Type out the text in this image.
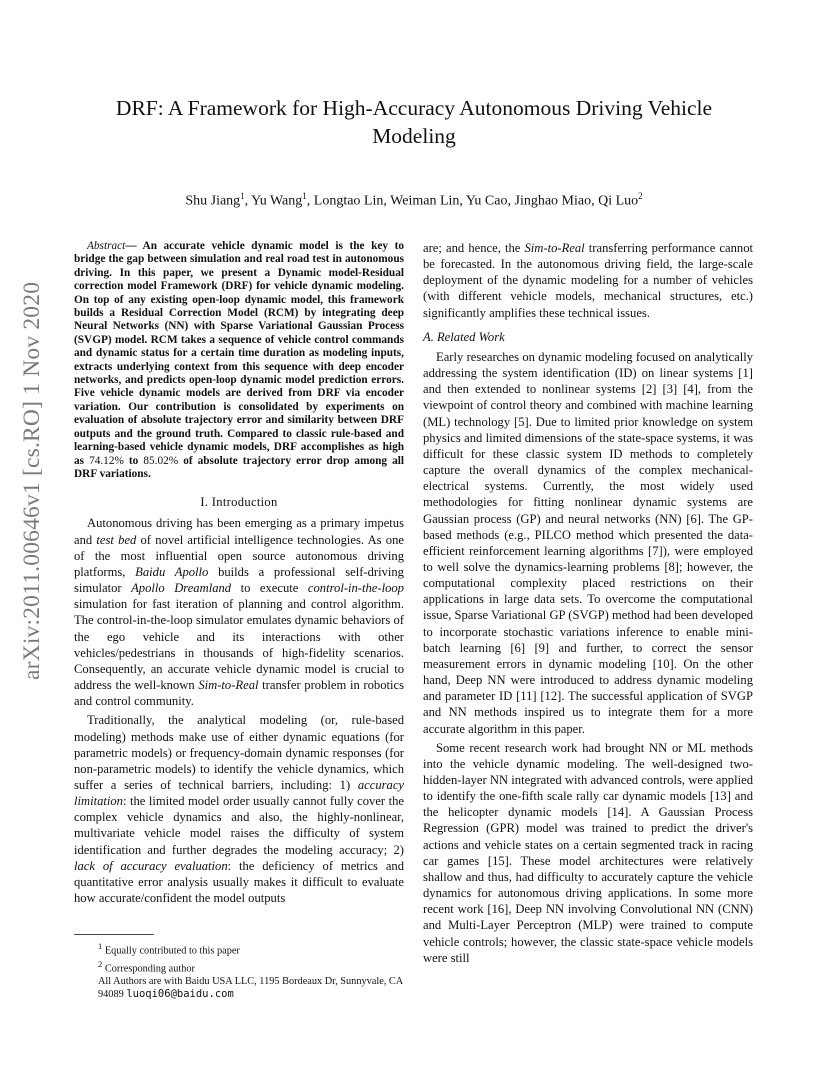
arXiv:2011.00646v1 [cs.RO] 1 Nov 2020
DRF: A Framework for High-Accuracy Autonomous Driving Vehicle Modeling
Shu Jiang$^1$, Yu Wang$^1$, Longtao Lin, Weiman Lin, Yu Cao, Jinghao Miao, Qi Luo$^2$

Abstract— An accurate vehicle dynamic model is the key to bridge the gap between simulation and real road test in autonomous driving. In this paper, we present a Dynamic model-Residual correction model Framework (DRF) for vehicle dynamic modeling. On top of any existing open-loop dynamic model, this framework builds a Residual Correction Model (RCM) by integrating deep Neural Networks (NN) with Sparse Variational Gaussian Process (SVGP) model. RCM takes a sequence of vehicle control commands and dynamic status for a certain time duration as modeling inputs, extracts underlying context from this sequence with deep encoder networks, and predicts open-loop dynamic model prediction errors. Five vehicle dynamic models are derived from DRF via encoder variation. Our contribution is consolidated by experiments on evaluation of absolute trajectory error and similarity between DRF outputs and the ground truth. Compared to classic rule-based and learning-based vehicle dynamic models, DRF accomplishes as high as 74.12% to 85.02% of absolute trajectory error drop among all DRF variations.

I. Introduction

Autonomous driving has been emerging as a primary impetus and test bed of novel artificial intelligence technologies. As one of the most influential open source autonomous driving platforms, Baidu Apollo builds a professional self-driving simulator Apollo Dreamland to execute control-in-the-loop simulation for fast iteration of planning and control algorithm. The control-in-the-loop simulator emulates dynamic behaviors of the ego vehicle and its interactions with other vehicles/pedestrians in thousands of high-fidelity scenarios. Consequently, an accurate vehicle dynamic model is crucial to address the well-known Sim-to-Real transfer problem in robotics and control community.

Traditionally, the analytical modeling (or, rule-based modeling) methods make use of either dynamic equations (for parametric models) or frequency-domain dynamic responses (for non-parametric models) to identify the vehicle dynamics, which suffer a series of technical barriers, including: 1) accuracy limitation: the limited model order usually cannot fully cover the complex vehicle dynamics and also, the highly-nonlinear, multivariate vehicle model raises the difficulty of system identification and further degrades the modeling accuracy; 2) lack of accuracy evaluation: the deficiency of metrics and quantitative error analysis usually makes it difficult to evaluate how accurate/confident the model outputs

$^1$ Equally contributed to this paper
$^2$ Corresponding author
All Authors are with Baidu USA LLC, 1195 Bordeaux Dr, Sunnyvale, CA 94089 luoqi06@baidu.com

are; and hence, the Sim-to-Real transferring performance cannot be forecasted. In the autonomous driving field, the large-scale deployment of the dynamic modeling for a number of vehicles (with different vehicle models, mechanical structures, etc.) significantly amplifies these technical issues.

A. Related Work

Early researches on dynamic modeling focused on analytically addressing the system identification (ID) on linear systems [1] and then extended to nonlinear systems [2] [3] [4], from the viewpoint of control theory and combined with machine learning (ML) technology [5]. Due to limited prior knowledge on system physics and limited dimensions of the state-space systems, it was difficult for these classic system ID methods to completely capture the overall dynamics of the complex mechanical-electrical systems. Currently, the most widely used methodologies for fitting nonlinear dynamic systems are Gaussian process (GP) and neural networks (NN) [6]. The GP-based methods (e.g., PILCO method which presented the data-efficient reinforcement learning algorithms [7]), were employed to well solve the dynamics-learning problems [8]; however, the computational complexity placed restrictions on their applications in large data sets. To overcome the computational issue, Sparse Variational GP (SVGP) method had been developed to incorporate stochastic variations inference to enable mini-batch learning [6] [9] and further, to correct the sensor measurement errors in dynamic modeling [10]. On the other hand, Deep NN were introduced to address dynamic modeling and parameter ID [11] [12]. The successful application of SVGP and NN methods inspired us to integrate them for a more accurate algorithm in this paper.

Some recent research work had brought NN or ML methods into the vehicle dynamic modeling. The well-designed two-hidden-layer NN integrated with advanced controls, were applied to identify the one-fifth scale rally car dynamic models [13] and the helicopter dynamic models [14]. A Gaussian Process Regression (GPR) model was trained to predict the driver's actions and vehicle states on a certain segmented track in racing car games [15]. These model architectures were relatively shallow and thus, had difficulty to accurately capture the vehicle dynamics for autonomous driving applications. In some more recent work [16], Deep NN involving Convolutional NN (CNN) and Multi-Layer Perceptron (MLP) were trained to compute vehicle controls; however, the classic state-space vehicle models were still
